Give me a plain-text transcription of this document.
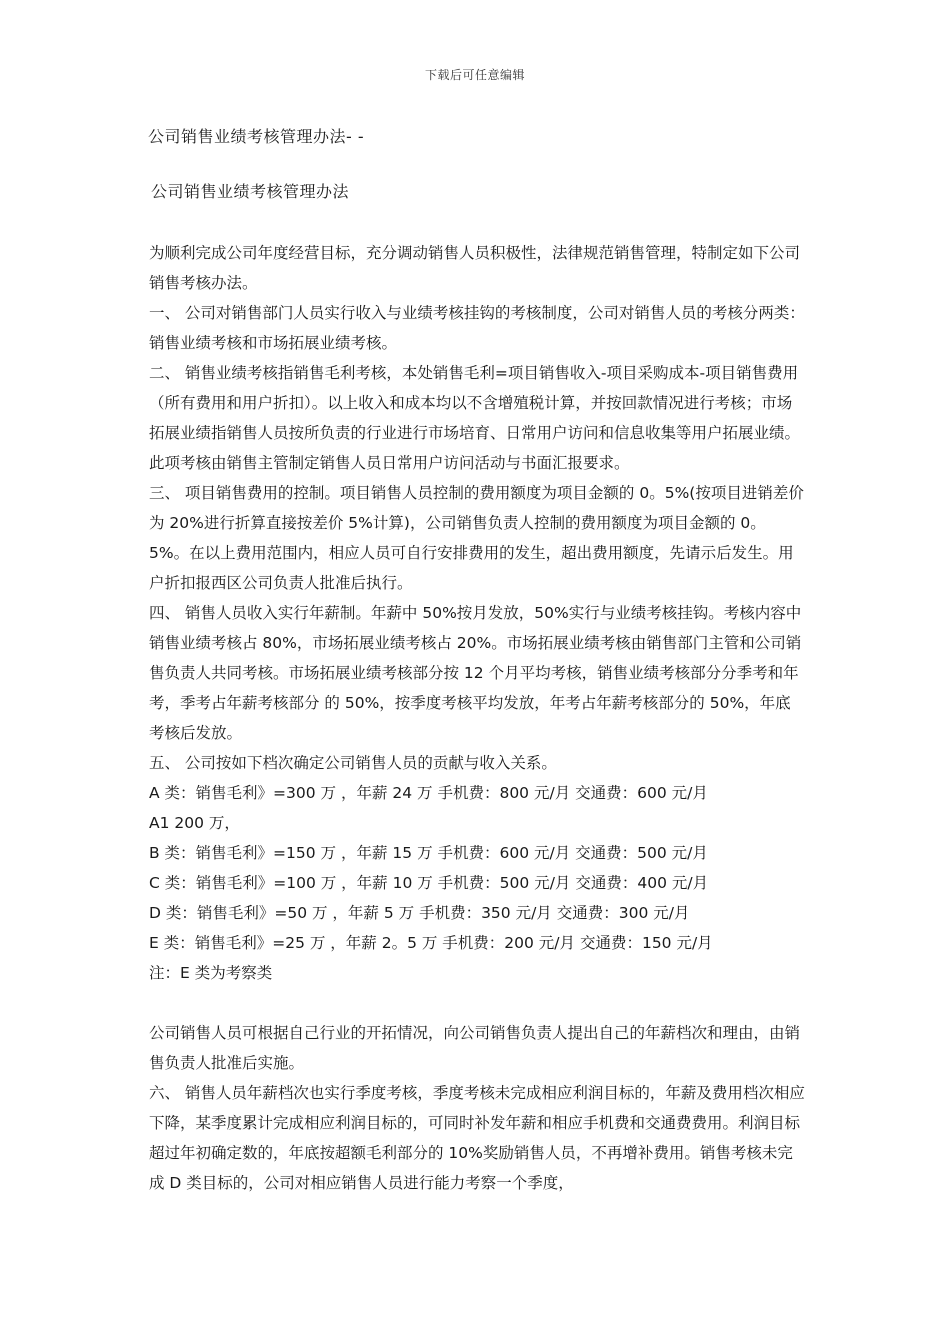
下载后可任意编辑
公司销售业绩考核管理办法- -
公司销售业绩考核管理办法

为顺利完成公司年度经营目标，充分调动销售人员积极性，法律规范销售管理，特制定如下公司销售考核办法。

一、 公司对销售部门人员实行收入与业绩考核挂钩的考核制度，公司对销售人员的考核分两类：销售业绩考核和市场拓展业绩考核。

二、 销售业绩考核指销售毛利考核，本处销售毛利=项目销售收入-项目采购成本-项目销售费用（所有费用和用户折扣）。以上收入和成本均以不含增殖税计算，并按回款情况进行考核；市场拓展业绩指销售人员按所负责的行业进行市场培育、日常用户访问和信息收集等用户拓展业绩。此项考核由销售主管制定销售人员日常用户访问活动与书面汇报要求。

三、 项目销售费用的控制。项目销售人员控制的费用额度为项目金额的 0。5%(按项目进销差价为 20%进行折算直接按差价 5%计算)，公司销售负责人控制的费用额度为项目金额的 0。5%。在以上费用范围内，相应人员可自行安排费用的发生，超出费用额度，先请示后发生。用户折扣报西区公司负责人批准后执行。

四、 销售人员收入实行年薪制。年薪中 50%按月发放，50%实行与业绩考核挂钩。考核内容中销售业绩考核占 80%，市场拓展业绩考核占 20%。市场拓展业绩考核由销售部门主管和公司销售负责人共同考核。市场拓展业绩考核部分按 12 个月平均考核，销售业绩考核部分分季考和年考，季考占年薪考核部分 的 50%，按季度考核平均发放，年考占年薪考核部分的 50%，年底考核后发放。

五、 公司按如下档次确定公司销售人员的贡献与收入关系。

A 类：销售毛利》=300 万 ，年薪 24 万 手机费：800 元/月 交通费：600 元/月

A1 200 万，

B 类：销售毛利》=150 万 ，年薪 15 万 手机费：600 元/月 交通费：500 元/月

C 类：销售毛利》=100 万 ，年薪 10 万 手机费：500 元/月 交通费：400 元/月

D 类：销售毛利》=50 万 ，年薪 5 万 手机费：350 元/月 交通费：300 元/月

E 类：销售毛利》=25 万 ，年薪 2。5 万 手机费：200 元/月 交通费：150 元/月

注：E 类为考察类

公司销售人员可根据自己行业的开拓情况，向公司销售负责人提出自己的年薪档次和理由，由销售负责人批准后实施。

六、 销售人员年薪档次也实行季度考核，季度考核未完成相应利润目标的，年薪及费用档次相应下降，某季度累计完成相应利润目标的，可同时补发年薪和相应手机费和交通费费用。利润目标超过年初确定数的，年底按超额毛利部分的 10%奖励销售人员，不再增补费用。销售考核未完成 D 类目标的，公司对相应销售人员进行能力考察一个季度，
